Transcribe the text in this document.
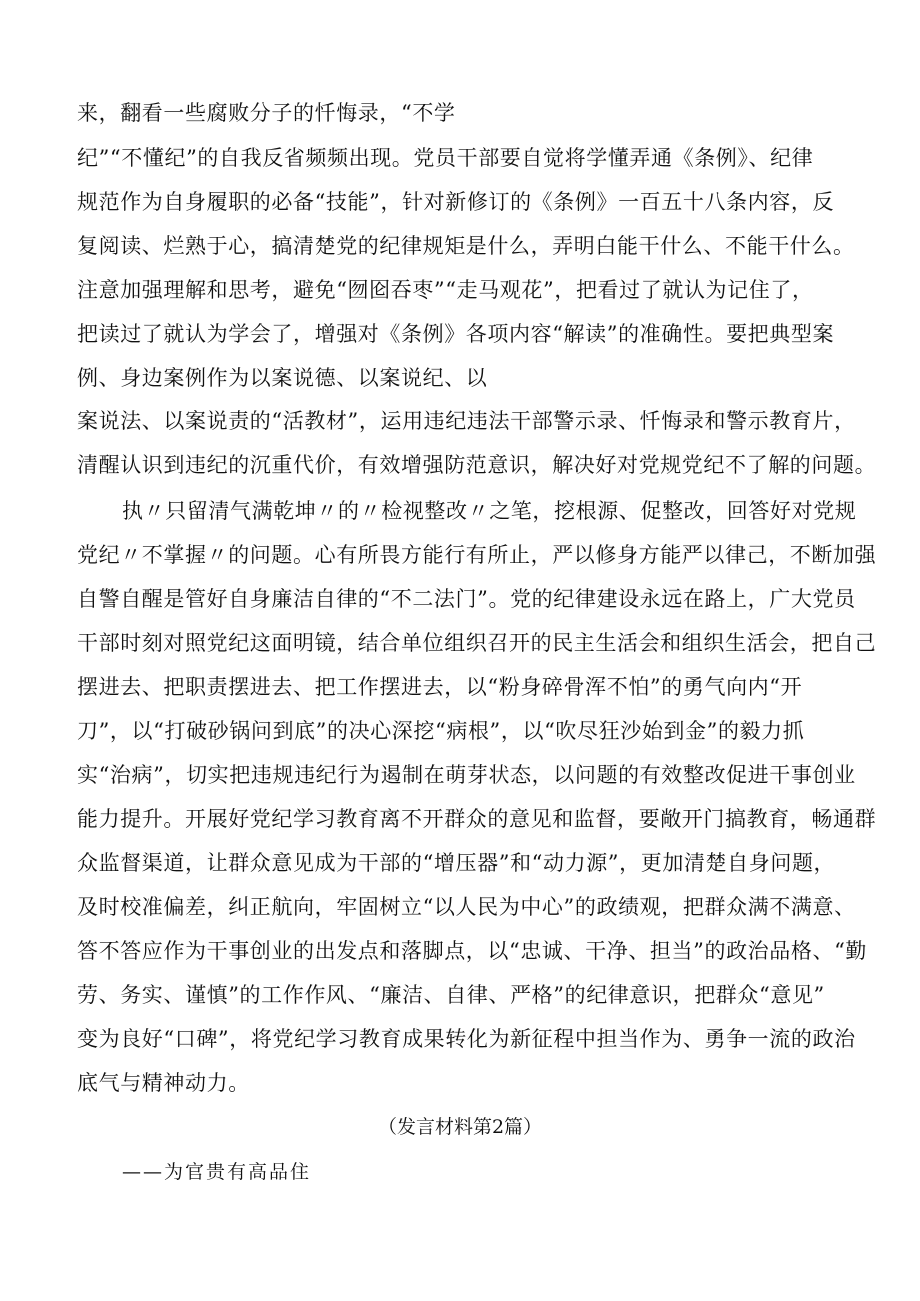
来，翻看一些腐败分子的忏悔录，“不学
纪”“不懂纪”的自我反省频频出现。党员干部要自觉将学懂弄通《条例》、纪律
规范作为自身履职的必备“技能”，针对新修订的《条例》一百五十八条内容，反
复阅读、烂熟于心，搞清楚党的纪律规矩是什么，弄明白能干什么、不能干什么。
注意加强理解和思考，避免“囫囵吞枣”“走马观花”，把看过了就认为记住了，
把读过了就认为学会了，增强对《条例》各项内容“解读”的准确性。要把典型案
例、身边案例作为以案说德、以案说纪、以
案说法、以案说责的“活教材”，运用违纪违法干部警示录、忏悔录和警示教育片，
清醒认识到违纪的沉重代价，有效增强防范意识，解决好对党规党纪不了解的问题。
执〃只留清气满乾坤〃的〃检视整改〃之笔，挖根源、促整改，回答好对党规
党纪〃不掌握〃的问题。心有所畏方能行有所止，严以修身方能严以律己，不断加强
自警自醒是管好自身廉洁自律的“不二法门”。党的纪律建设永远在路上，广大党员
干部时刻对照党纪这面明镜，结合单位组织召开的民主生活会和组织生活会，把自己
摆进去、把职责摆进去、把工作摆进去，以“粉身碎骨浑不怕”的勇气向内“开
刀”，以“打破砂锅问到底”的决心深挖“病根”，以“吹尽狂沙始到金”的毅力抓
实“治病”，切实把违规违纪行为遏制在萌芽状态，以问题的有效整改促进干事创业
能力提升。开展好党纪学习教育离不开群众的意见和监督，要敞开门搞教育，畅通群
众监督渠道，让群众意见成为干部的“增压器”和“动力源”，更加清楚自身问题，
及时校准偏差，纠正航向，牢固树立“以人民为中心”的政绩观，把群众满不满意、
答不答应作为干事创业的出发点和落脚点，以“忠诚、干净、担当”的政治品格、“勤
劳、务实、谨慎”的工作作风、“廉洁、自律、严格”的纪律意识，把群众“意见”
变为良好“口碑”，将党纪学习教育成果转化为新征程中担当作为、勇争一流的政治
底气与精神动力。
（发言材料第2篇）
——为官贵有高品住
